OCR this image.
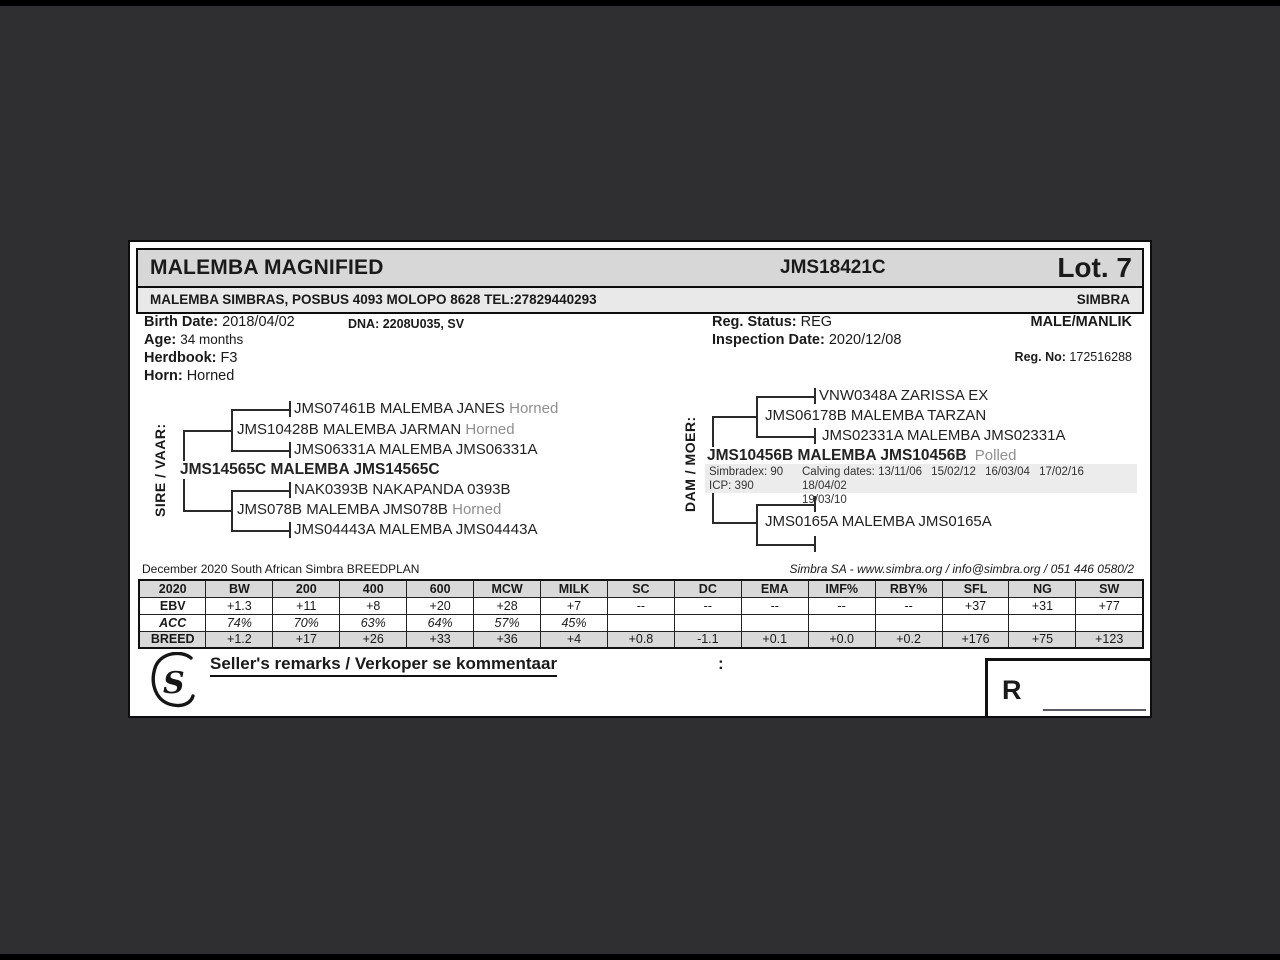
MALEMBA MAGNIFIED	JMS18421C	Lot. 7
MALEMBA SIMBRAS, POSBUS 4093 MOLOPO 8628 TEL:27829440293	SIMBRA
Birth Date: 2018/04/02	DNA: 2208U035, SV
Age: 34 months
Herdbook: F3
Horn: Horned
Reg. Status: REG
Inspection Date: 2020/12/08
MALE/MANLIK
Reg. No: 172516288
SIRE / VAAR:
JMS07461B MALEMBA JANES Horned
JMS10428B MALEMBA JARMAN Horned
JMS06331A MALEMBA JMS06331A
JMS14565C MALEMBA JMS14565C
NAK0393B NAKAPANDA 0393B
JMS078B MALEMBA JMS078B Horned
JMS04443A MALEMBA JMS04443A
DAM / MOER:
VNW0348A ZARISSA EX
JMS06178B MALEMBA TARZAN
JMS02331A MALEMBA JMS02331A
JMS10456B MALEMBA JMS10456B Polled
Simbradex: 90
ICP: 390
Calving dates: 13/11/06 15/02/12 16/03/04 17/02/16 18/04/02
19/03/10
JMS0165A MALEMBA JMS0165A
December 2020 South African Simbra BREEDPLAN	Simbra SA - www.simbra.org / info@simbra.org / 051 446 0580/2
2020	BW	200	400	600	MCW	MILK	SC	DC	EMA	IMF%	RBY%	SFL	NG	SW
EBV	+1.3	+11	+8	+20	+28	+7	--	--	--	--	--	+37	+31	+77
ACC	74%	70%	63%	64%	57%	45%								
BREED	+1.2	+17	+26	+33	+36	+4	+0.8	-1.1	+0.1	+0.0	+0.2	+176	+75	+123
S
Seller's remarks / Verkoper se kommentaar	:
R
